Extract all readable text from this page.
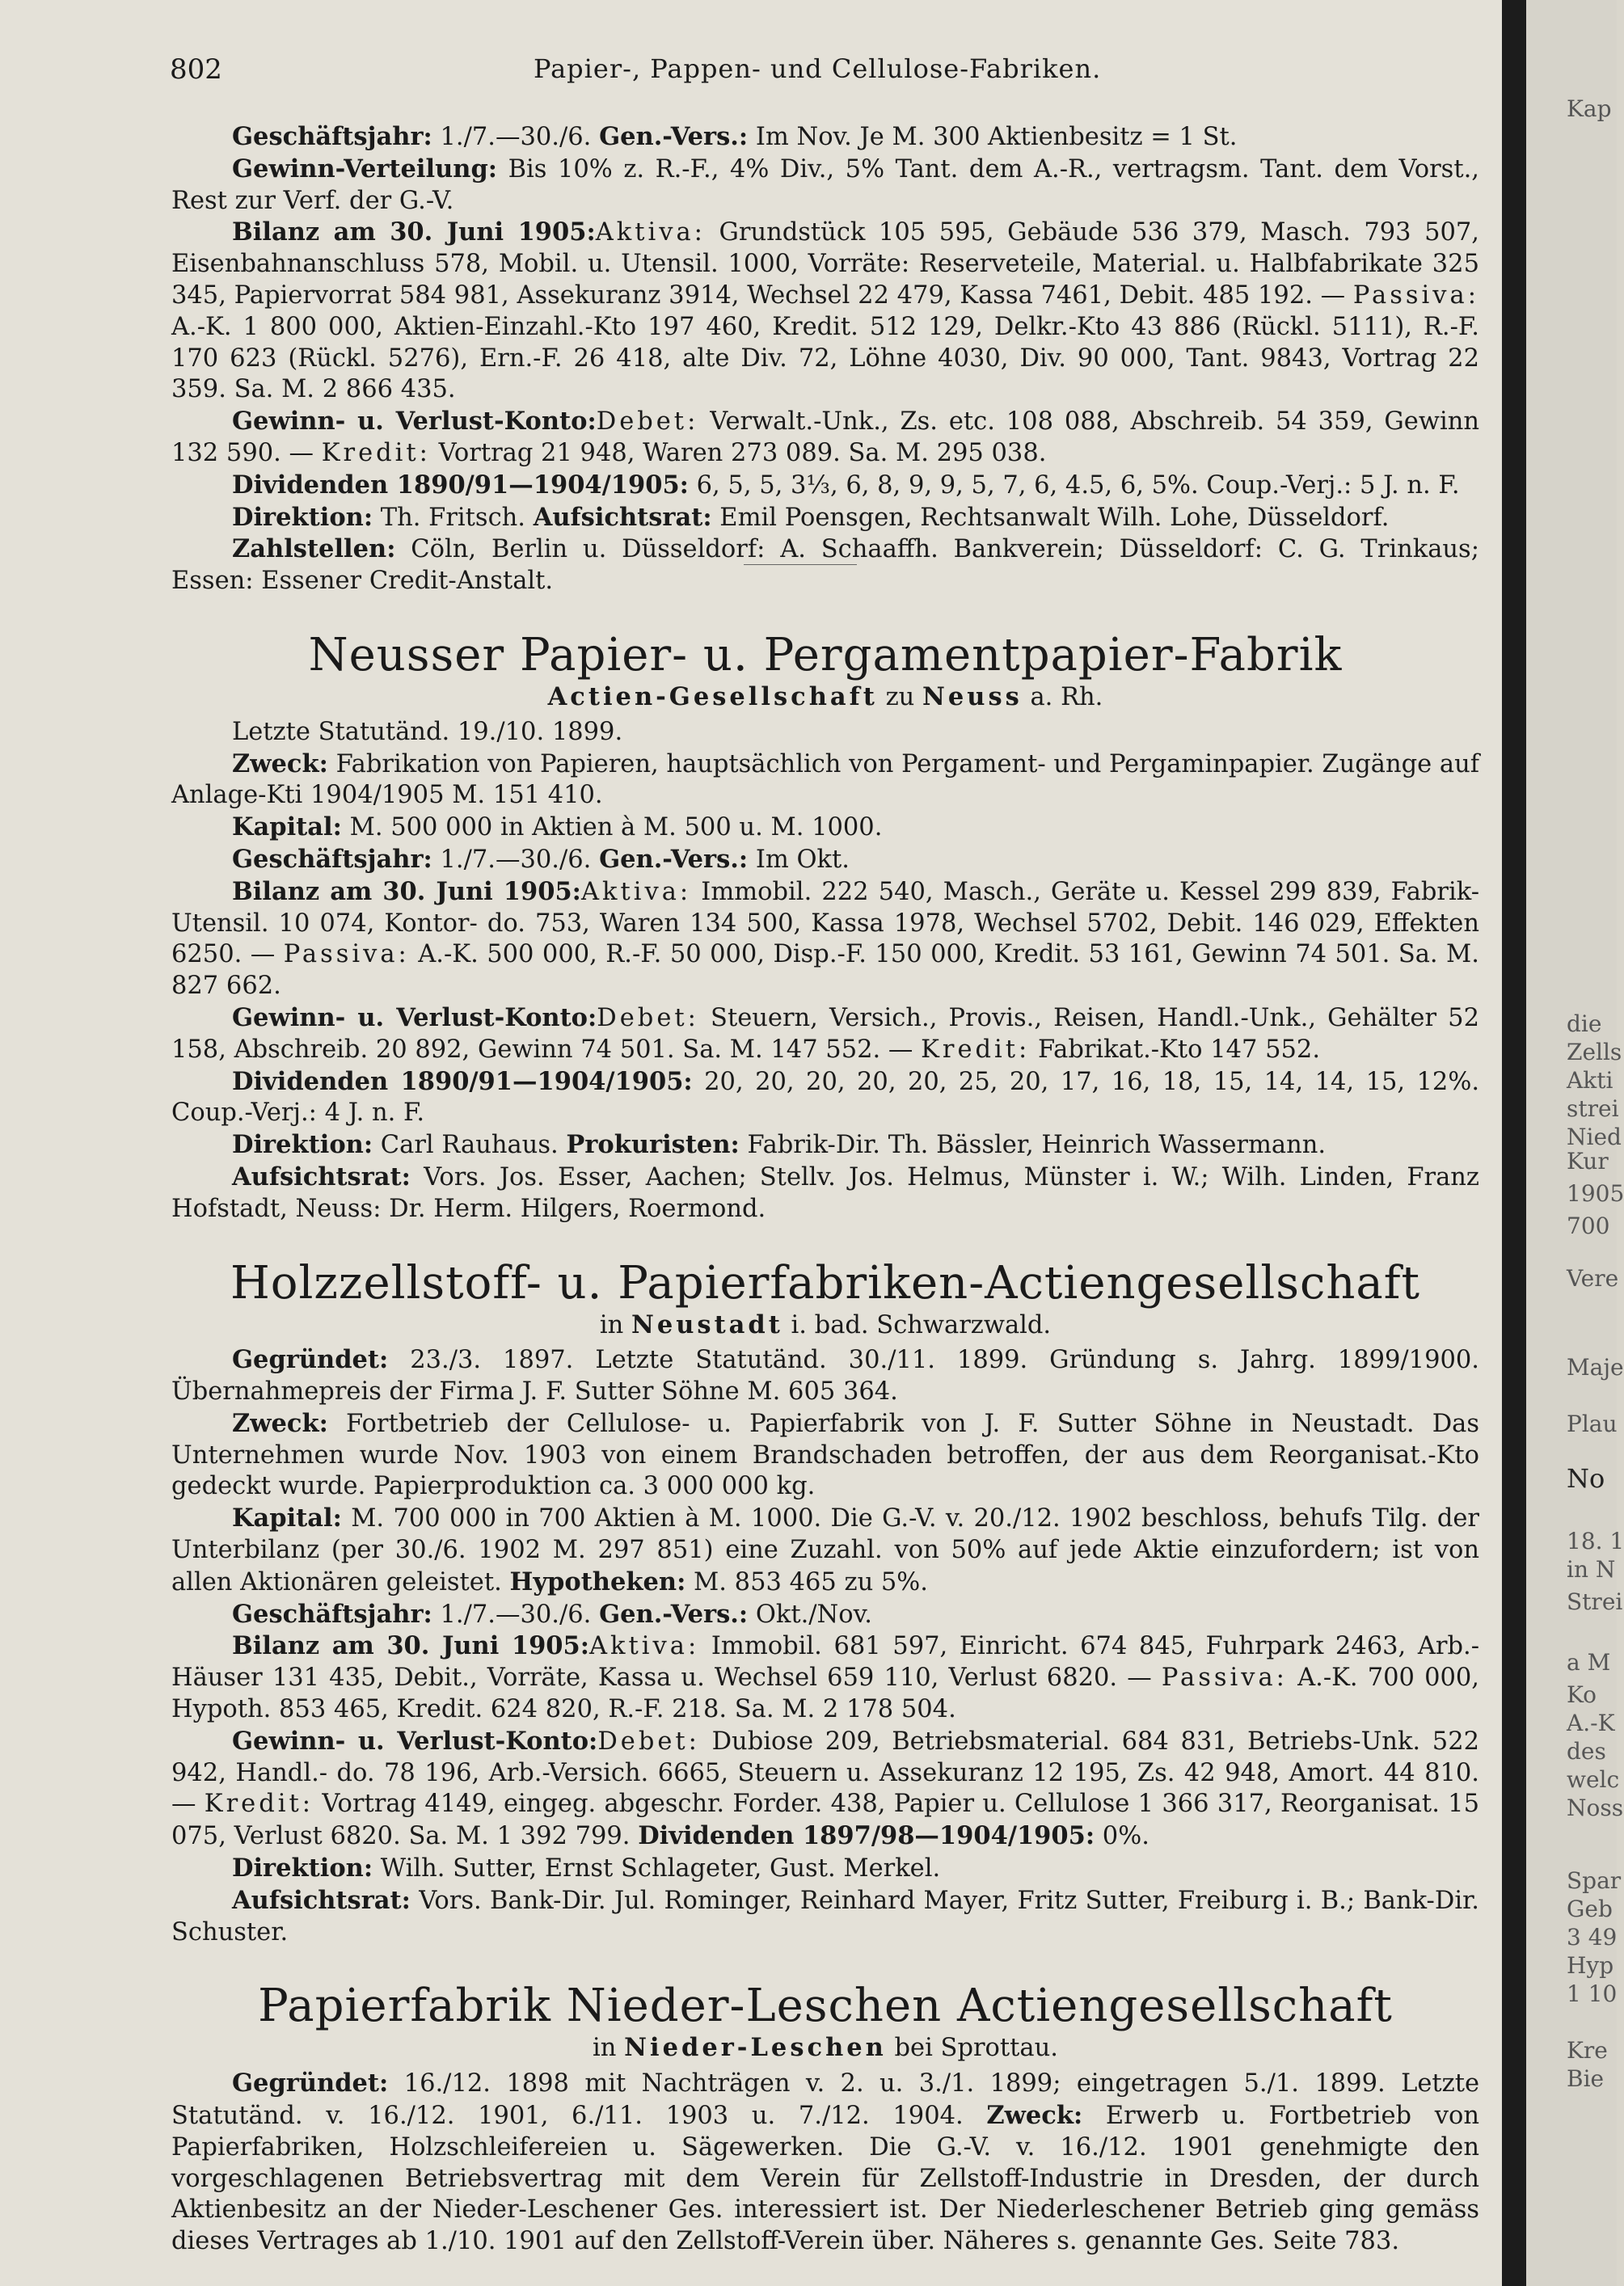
Kap
die
Zells
Akti
strei
Nied
Kur
1905
700
Vere
Maje
Plau
No
18. 1
in N
Strei
a M
Ko
A.-K
des
welc
Noss
Spar
Geb
3 49
Hyp
1 10
Kre
Bie
802	Papier-, Pappen- und Cellulose-Fabriken.

Geschäftsjahr: 1./7.—30./6. Gen.-Vers.: Im Nov. Je M. 300 Aktienbesitz = 1 St.

Gewinn-Verteilung: Bis 10% z. R.-F., 4% Div., 5% Tant. dem A.-R., vertragsm. Tant. dem Vorst., Rest zur Verf. der G.-V.

Bilanz am 30. Juni 1905:Aktiva: Grundstück 105 595, Gebäude 536 379, Masch. 793 507, Eisenbahnanschluss 578, Mobil. u. Utensil. 1000, Vorräte: Reserveteile, Material. u. Halbfabrikate 325 345, Papiervorrat 584 981, Assekuranz 3914, Wechsel 22 479, Kassa 7461, Debit. 485 192. — Passiva: A.-K. 1 800 000, Aktien-Einzahl.-Kto 197 460, Kredit. 512 129, Delkr.-Kto 43 886 (Rückl. 5111), R.-F. 170 623 (Rückl. 5276), Ern.-F. 26 418, alte Div. 72, Löhne 4030, Div. 90 000, Tant. 9843, Vortrag 22 359. Sa. M. 2 866 435.

Gewinn- u. Verlust-Konto:Debet: Verwalt.-Unk., Zs. etc. 108 088, Abschreib. 54 359, Gewinn 132 590. — Kredit: Vortrag 21 948, Waren 273 089. Sa. M. 295 038.

Dividenden 1890/91—1904/1905: 6, 5, 5, 3⅓, 6, 8, 9, 9, 5, 7, 6, 4.5, 6, 5%. Coup.-Verj.: 5 J. n. F.

Direktion: Th. Fritsch. Aufsichtsrat: Emil Poensgen, Rechtsanwalt Wilh. Lohe, Düsseldorf.

Zahlstellen: Cöln, Berlin u. Düsseldorf: A. Schaaffh. Bankverein; Düsseldorf: C. G. Trinkaus; Essen: Essener Credit-Anstalt.

Neusser Papier- u. Pergamentpapier-Fabrik
Actien-Gesellschaft zu Neuss a. Rh.

Letzte Statutänd. 19./10. 1899.

Zweck: Fabrikation von Papieren, hauptsächlich von Pergament- und Pergaminpapier. Zugänge auf Anlage-Kti 1904/1905 M. 151 410.

Kapital: M. 500 000 in Aktien à M. 500 u. M. 1000.

Geschäftsjahr: 1./7.—30./6. Gen.-Vers.: Im Okt.

Bilanz am 30. Juni 1905:Aktiva: Immobil. 222 540, Masch., Geräte u. Kessel 299 839, Fabrik-Utensil. 10 074, Kontor- do. 753, Waren 134 500, Kassa 1978, Wechsel 5702, Debit. 146 029, Effekten 6250. — Passiva: A.-K. 500 000, R.-F. 50 000, Disp.-F. 150 000, Kredit. 53 161, Gewinn 74 501. Sa. M. 827 662.

Gewinn- u. Verlust-Konto:Debet: Steuern, Versich., Provis., Reisen, Handl.-Unk., Gehälter 52 158, Abschreib. 20 892, Gewinn 74 501. Sa. M. 147 552. — Kredit: Fabrikat.-Kto 147 552.

Dividenden 1890/91—1904/1905: 20, 20, 20, 20, 20, 25, 20, 17, 16, 18, 15, 14, 14, 15, 12%. Coup.-Verj.: 4 J. n. F.

Direktion: Carl Rauhaus. Prokuristen: Fabrik-Dir. Th. Bässler, Heinrich Wassermann.

Aufsichtsrat: Vors. Jos. Esser, Aachen; Stellv. Jos. Helmus, Münster i. W.; Wilh. Linden, Franz Hofstadt, Neuss: Dr. Herm. Hilgers, Roermond.

Holzzellstoff- u. Papierfabriken-Actiengesellschaft
in Neustadt i. bad. Schwarzwald.

Gegründet: 23./3. 1897. Letzte Statutänd. 30./11. 1899. Gründung s. Jahrg. 1899/1900. Übernahmepreis der Firma J. F. Sutter Söhne M. 605 364.

Zweck: Fortbetrieb der Cellulose- u. Papierfabrik von J. F. Sutter Söhne in Neustadt. Das Unternehmen wurde Nov. 1903 von einem Brandschaden betroffen, der aus dem Reorganisat.-Kto gedeckt wurde. Papierproduktion ca. 3 000 000 kg.

Kapital: M. 700 000 in 700 Aktien à M. 1000. Die G.-V. v. 20./12. 1902 beschloss, behufs Tilg. der Unterbilanz (per 30./6. 1902 M. 297 851) eine Zuzahl. von 50% auf jede Aktie einzufordern; ist von allen Aktionären geleistet. Hypotheken: M. 853 465 zu 5%.

Geschäftsjahr: 1./7.—30./6. Gen.-Vers.: Okt./Nov.

Bilanz am 30. Juni 1905:Aktiva: Immobil. 681 597, Einricht. 674 845, Fuhrpark 2463, Arb.-Häuser 131 435, Debit., Vorräte, Kassa u. Wechsel 659 110, Verlust 6820. — Passiva: A.-K. 700 000, Hypoth. 853 465, Kredit. 624 820, R.-F. 218. Sa. M. 2 178 504.

Gewinn- u. Verlust-Konto:Debet: Dubiose 209, Betriebsmaterial. 684 831, Betriebs-Unk. 522 942, Handl.- do. 78 196, Arb.-Versich. 6665, Steuern u. Assekuranz 12 195, Zs. 42 948, Amort. 44 810. — Kredit: Vortrag 4149, eingeg. abgeschr. Forder. 438, Papier u. Cellulose 1 366 317, Reorganisat. 15 075, Verlust 6820. Sa. M. 1 392 799. Dividenden 1897/98—1904/1905: 0%.

Direktion: Wilh. Sutter, Ernst Schlageter, Gust. Merkel.

Aufsichtsrat: Vors. Bank-Dir. Jul. Rominger, Reinhard Mayer, Fritz Sutter, Freiburg i. B.; Bank-Dir. Schuster.

Papierfabrik Nieder-Leschen Actiengesellschaft
in Nieder-Leschen bei Sprottau.

Gegründet: 16./12. 1898 mit Nachträgen v. 2. u. 3./1. 1899; eingetragen 5./1. 1899. Letzte Statutänd. v. 16./12. 1901, 6./11. 1903 u. 7./12. 1904. Zweck: Erwerb u. Fortbetrieb von Papierfabriken, Holzschleifereien u. Sägewerken. Die G.-V. v. 16./12. 1901 genehmigte den vorgeschlagenen Betriebsvertrag mit dem Verein für Zellstoff-Industrie in Dresden, der durch Aktienbesitz an der Nieder-Leschener Ges. interessiert ist. Der Niederleschener Betrieb ging gemäss dieses Vertrages ab 1./10. 1901 auf den Zellstoff-Verein über. Näheres s. genannte Ges. Seite 783.
